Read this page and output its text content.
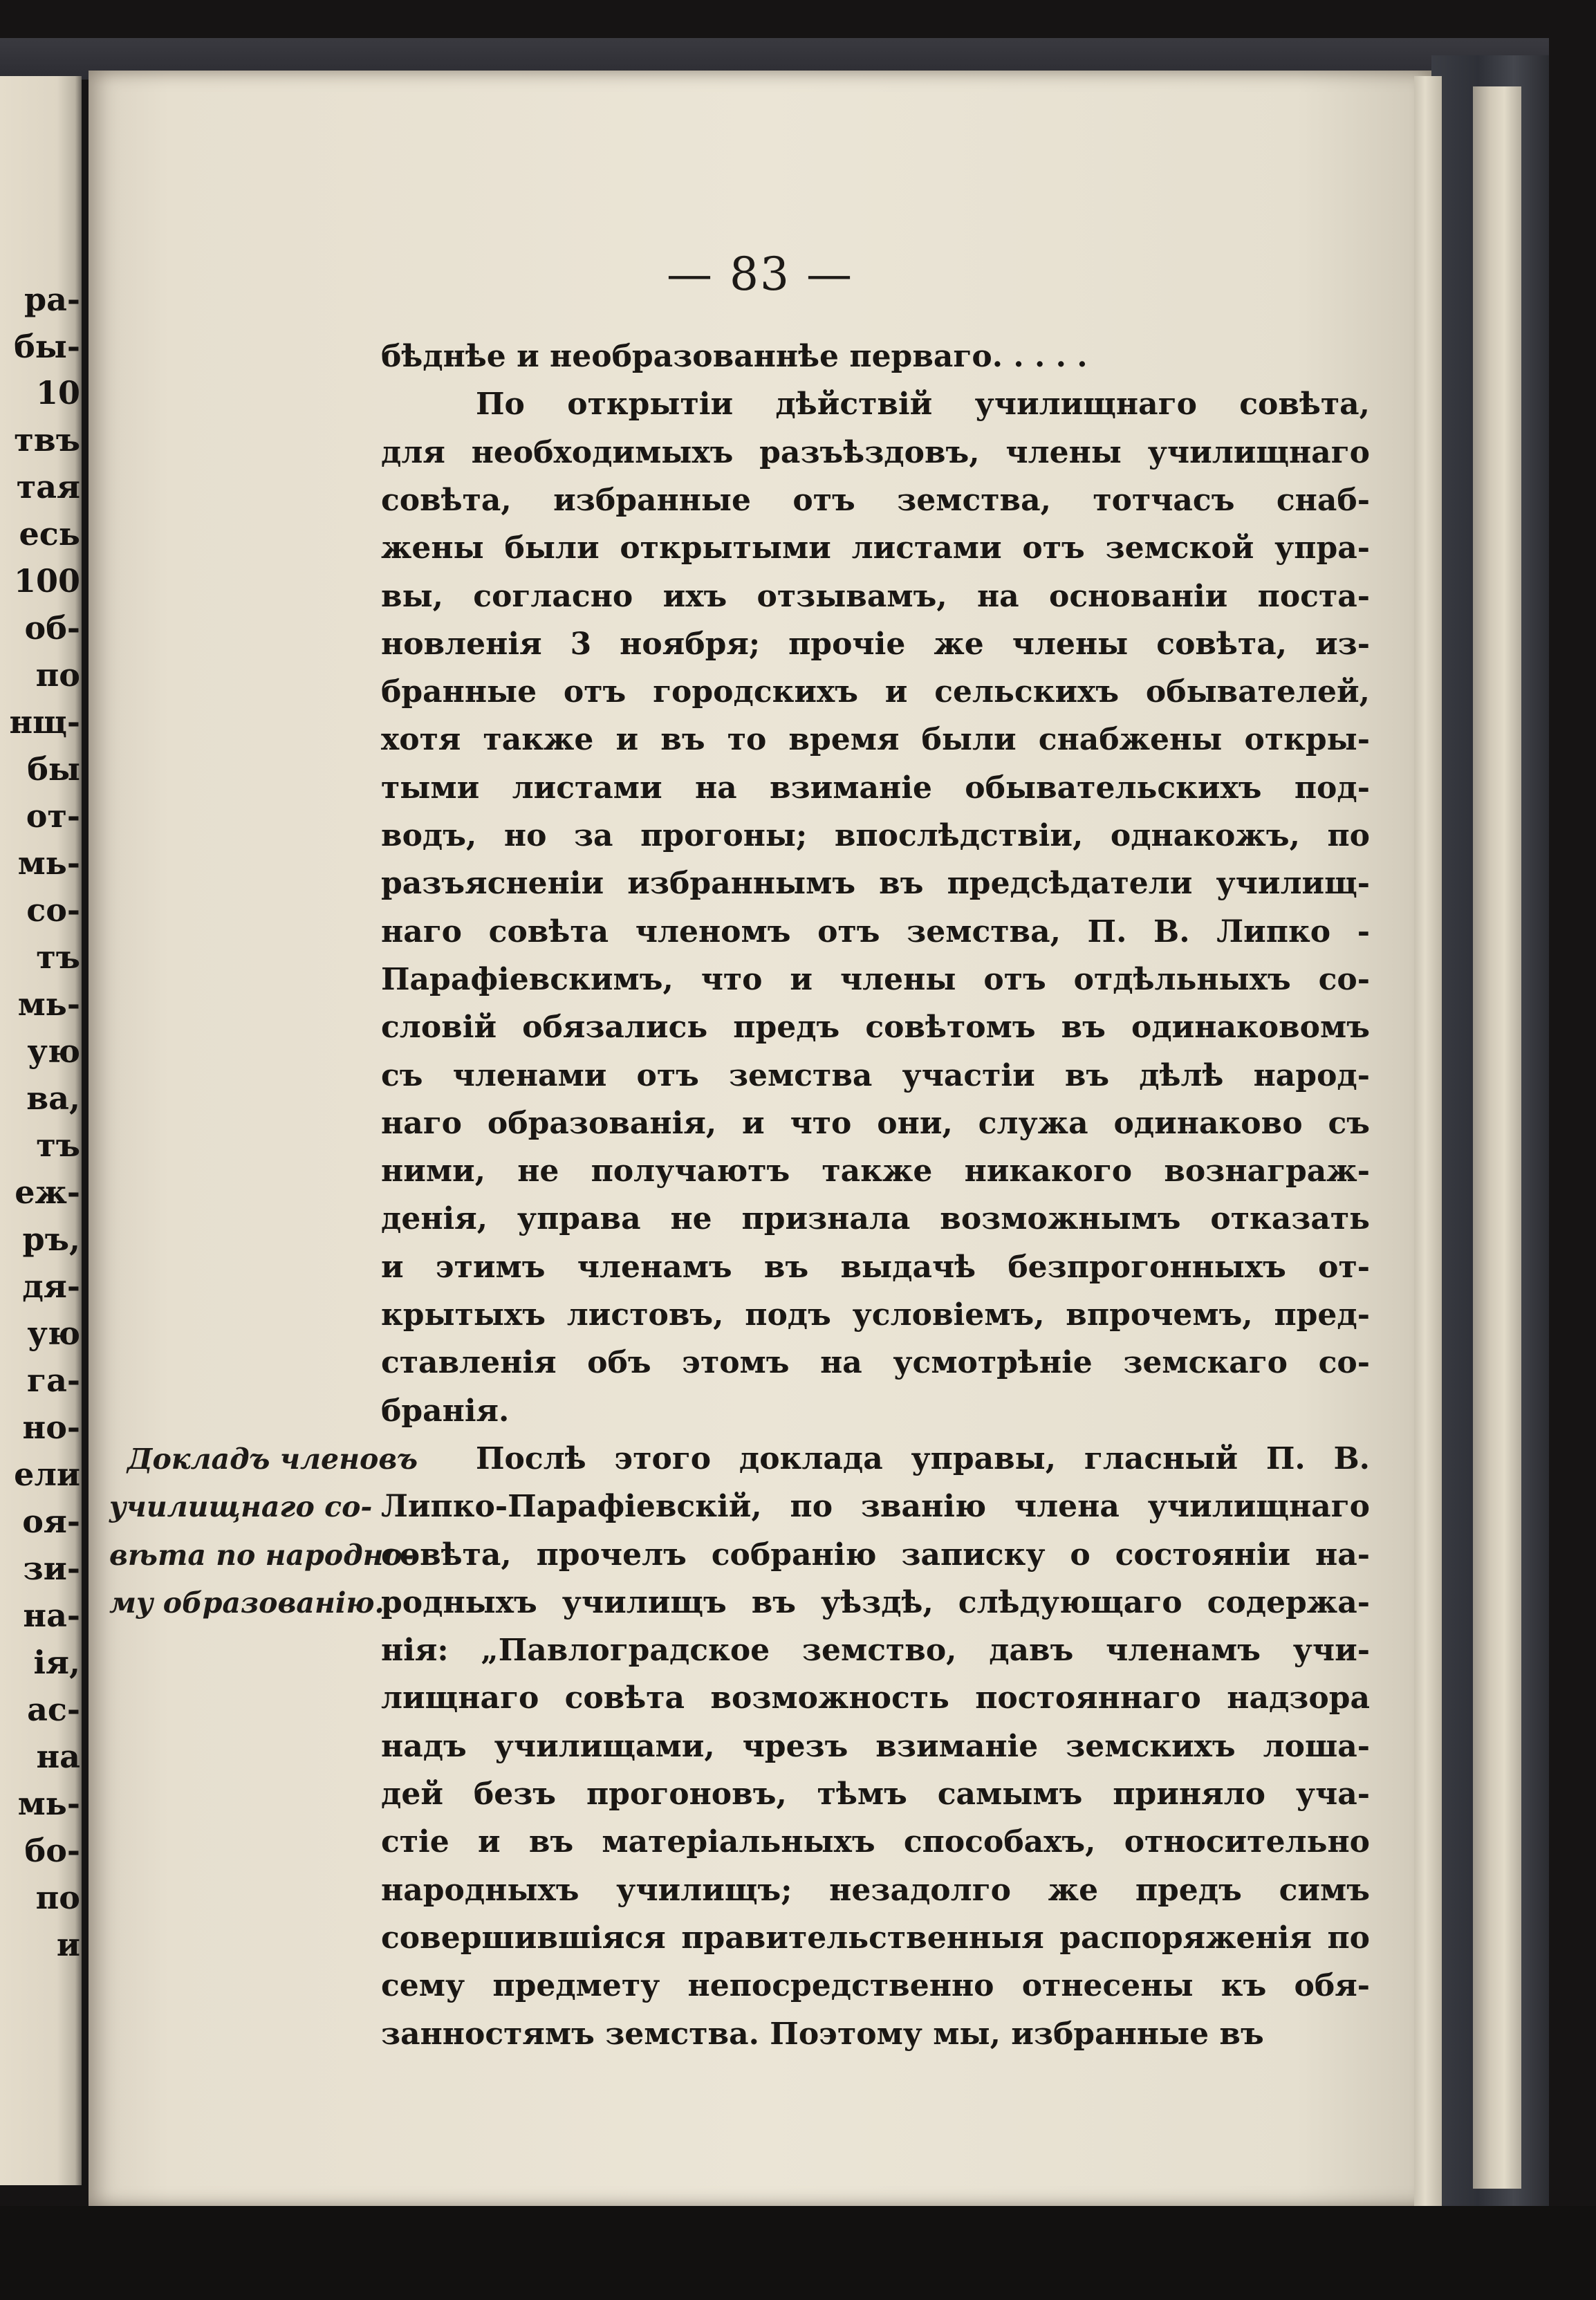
ра-
бы-
10
твъ
тая
есь
100
об-
по
нщ-
бы
от-
мь-
со-
тъ
мь-
ую
ва,
тъ
еж-
ръ,
дя-
ую
га-
но-
ели
оя-
зи-
на-
ія,
ас-
на
мь-
бо-
по
и
— 83 —
Докладъ членовъ
училищнаго со-
вѣта по народно-
му образованію.
бѣднѣе и необразованнѣе перваго. . . . .
По открытіи дѣйствій училищнаго совѣта,
для необходимыхъ разъѣздовъ, члены училищнаго
совѣта, избранные отъ земства, тотчасъ снаб-
жены были открытыми листами отъ земской упра-
вы, согласно ихъ отзывамъ, на основаніи поста-
новленія 3 ноября; прочіе же члены совѣта, из-
бранные отъ городскихъ и сельскихъ обывателей,
хотя также и въ то время были снабжены откры-
тыми листами на взиманіе обывательскихъ под-
водъ, но за прогоны; впослѣдствіи, однакожъ, по
разъясненіи избраннымъ въ предсѣдатели училищ-
наго совѣта членомъ отъ земства, П. В. Липко -
Парафіевскимъ, что и члены отъ отдѣльныхъ со-
словій обязались предъ совѣтомъ въ одинаковомъ
съ членами отъ земства участіи въ дѣлѣ народ-
наго образованія, и что они, служа одинаково съ
ними, не получаютъ также никакого вознаграж-
денія, управа не признала возможнымъ отказать
и этимъ членамъ въ выдачѣ безпрогонныхъ от-
крытыхъ листовъ, подъ условіемъ, впрочемъ, пред-
ставленія объ этомъ на усмотрѣніе земскаго со-
бранія.
Послѣ этого доклада управы, гласный П. В.
Липко-Парафіевскій, по званію члена училищнаго
совѣта, прочелъ собранію записку о состояніи на-
родныхъ училищъ въ уѣздѣ, слѣдующаго содержа-
нія: „Павлоградское земство, давъ членамъ учи-
лищнаго совѣта возможность постояннаго надзора
надъ училищами, чрезъ взиманіе земскихъ лоша-
дей безъ прогоновъ, тѣмъ самымъ приняло уча-
стіе и въ матеріальныхъ способахъ, относительно
народныхъ училищъ; незадолго же предъ симъ
совершившіяся правительственныя распоряженія по
сему предмету непосредственно отнесены къ обя-
занностямъ земства. Поэтому мы, избранные въ
